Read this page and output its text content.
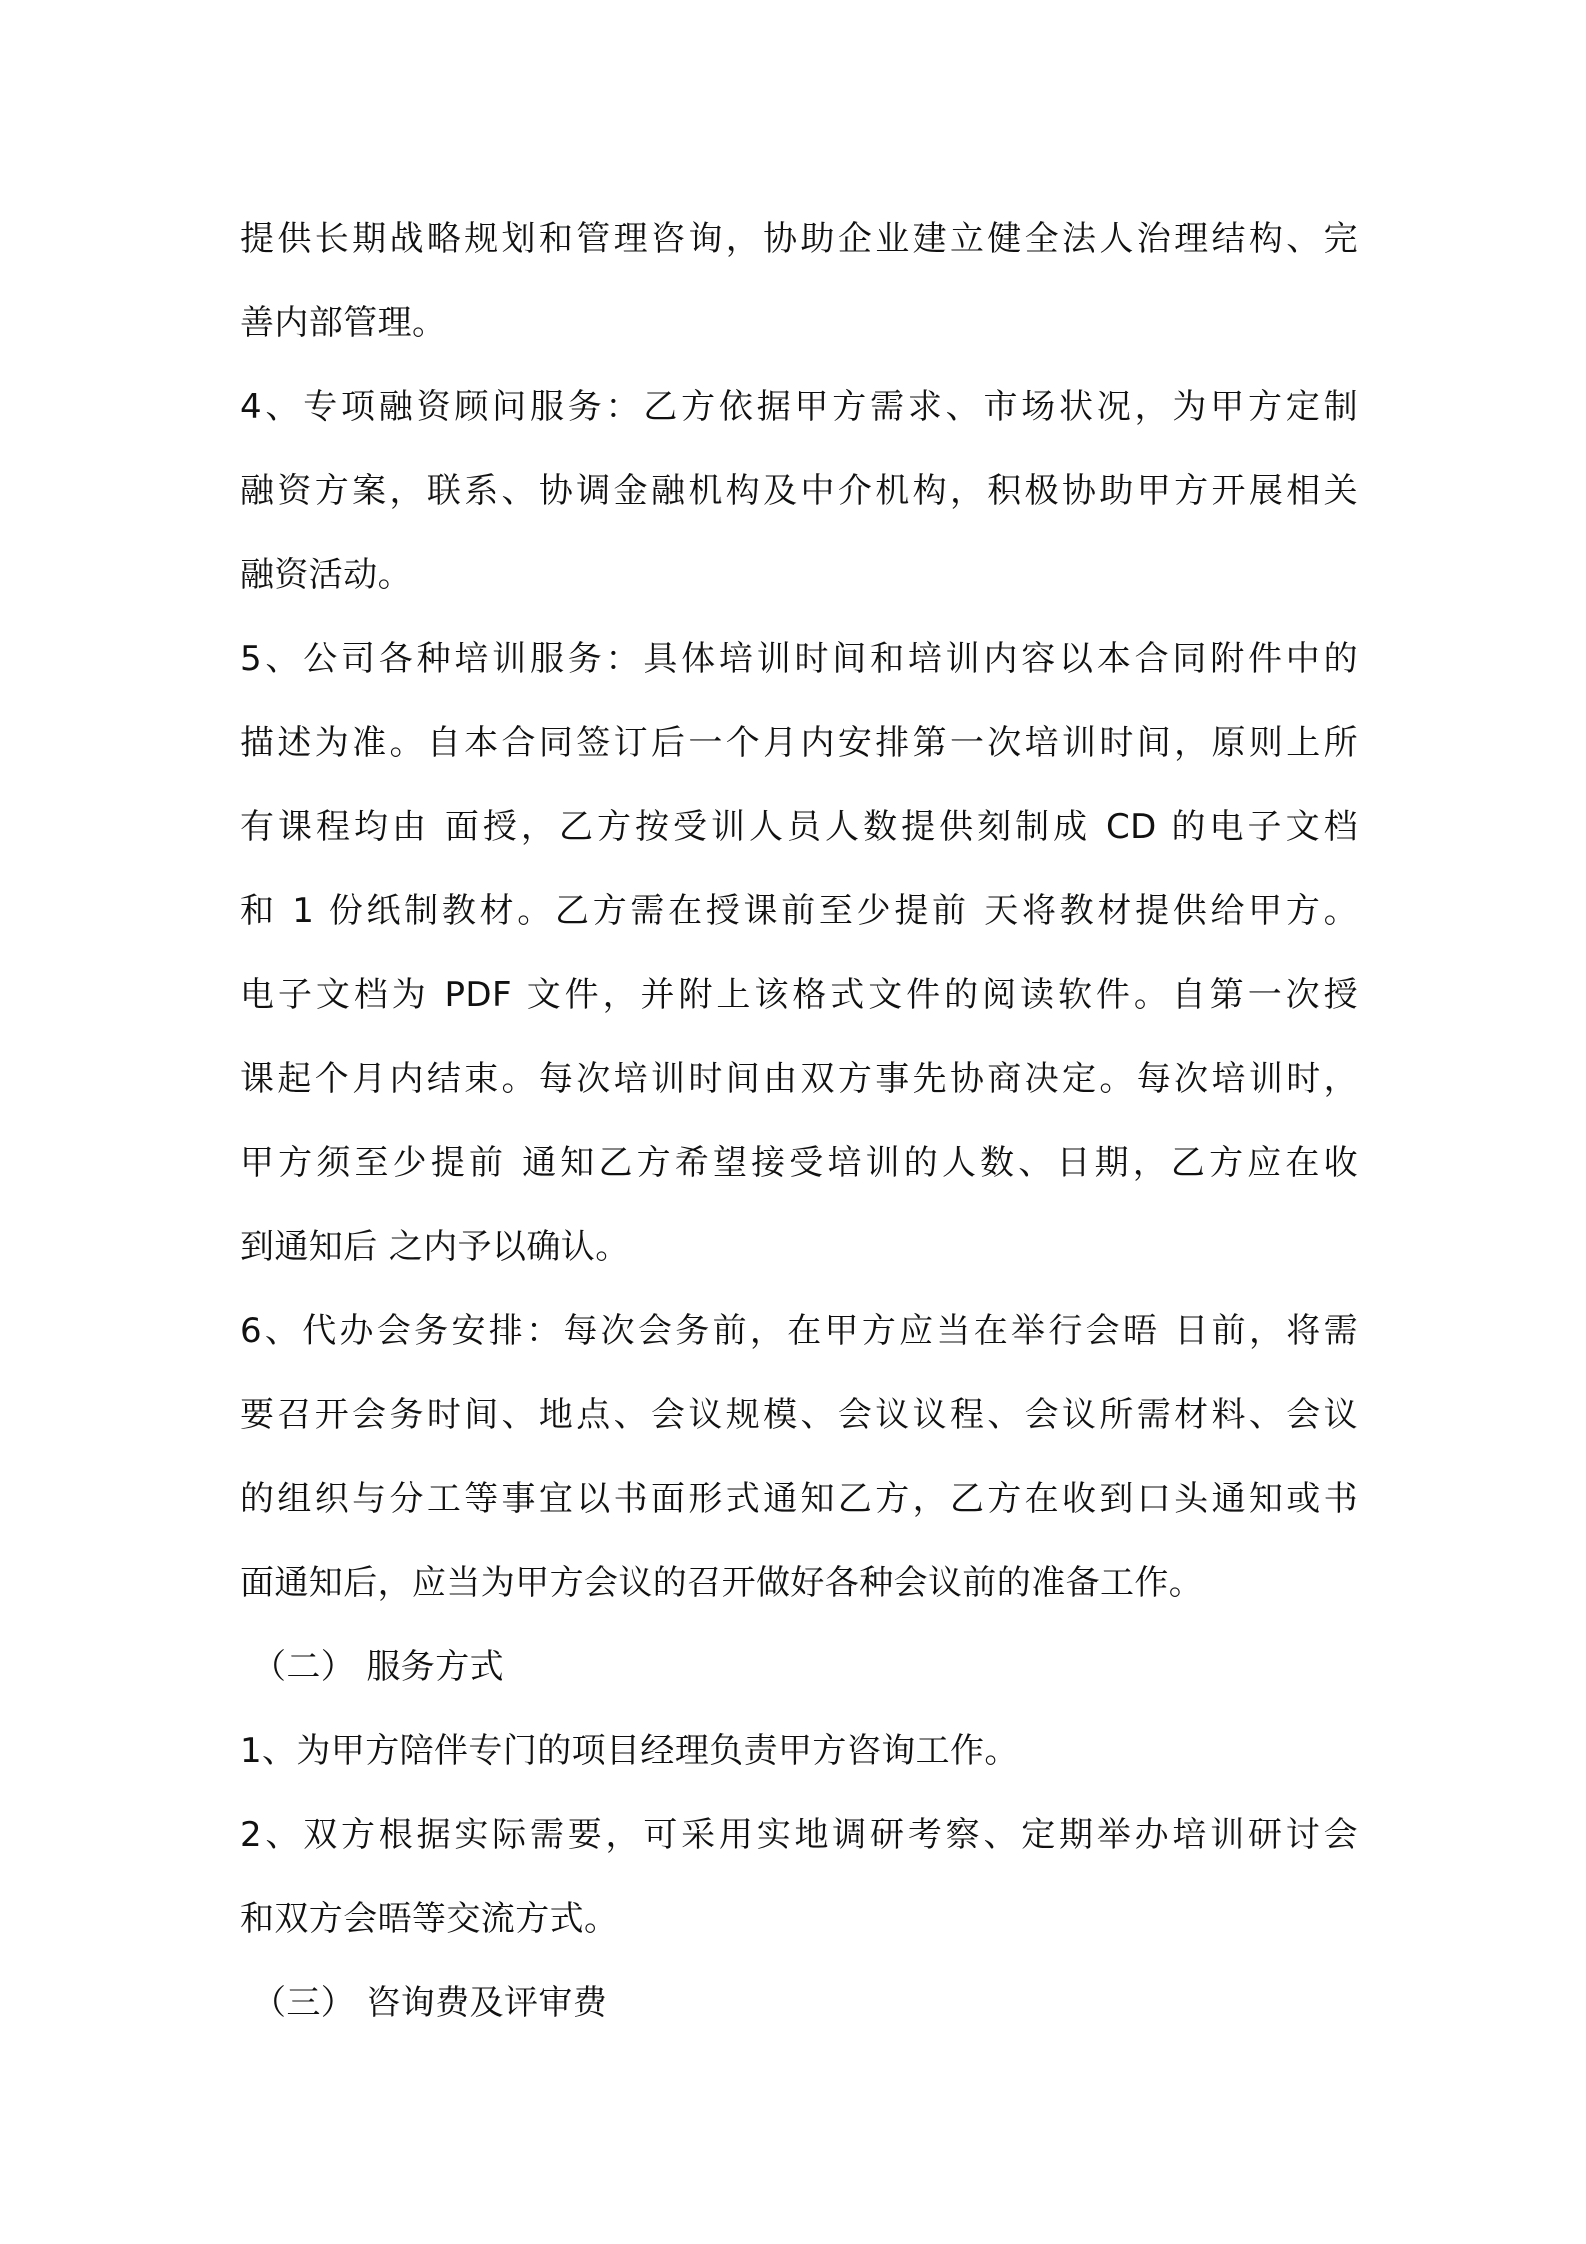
提供长期战略规划和管理咨询，协助企业建立健全法人治理结构、完
善内部管理。
4、专项融资顾问服务：乙方依据甲方需求、市场状况，为甲方定制
融资方案，联系、协调金融机构及中介机构，积极协助甲方开展相关
融资活动。
5、公司各种培训服务：具体培训时间和培训内容以本合同附件中的
描述为准。自本合同签订后一个月内安排第一次培训时间，原则上所
有课程均由 面授，乙方按受训人员人数提供刻制成 CD 的电子文档
和 1 份纸制教材。乙方需在授课前至少提前 天将教材提供给甲方。
电子文档为 PDF 文件，并附上该格式文件的阅读软件。自第一次授
课起个月内结束。每次培训时间由双方事先协商决定。每次培训时，
甲方须至少提前 通知乙方希望接受培训的人数、日期，乙方应在收
到通知后 之内予以确认。
6、代办会务安排：每次会务前，在甲方应当在举行会晤 日前，将需
要召开会务时间、地点、会议规模、会议议程、会议所需材料、会议
的组织与分工等事宜以书面形式通知乙方，乙方在收到口头通知或书
面通知后，应当为甲方会议的召开做好各种会议前的准备工作。
（二） 服务方式
1、为甲方陪伴专门的项目经理负责甲方咨询工作。
2、双方根据实际需要，可采用实地调研考察、定期举办培训研讨会
和双方会晤等交流方式。
（三） 咨询费及评审费
